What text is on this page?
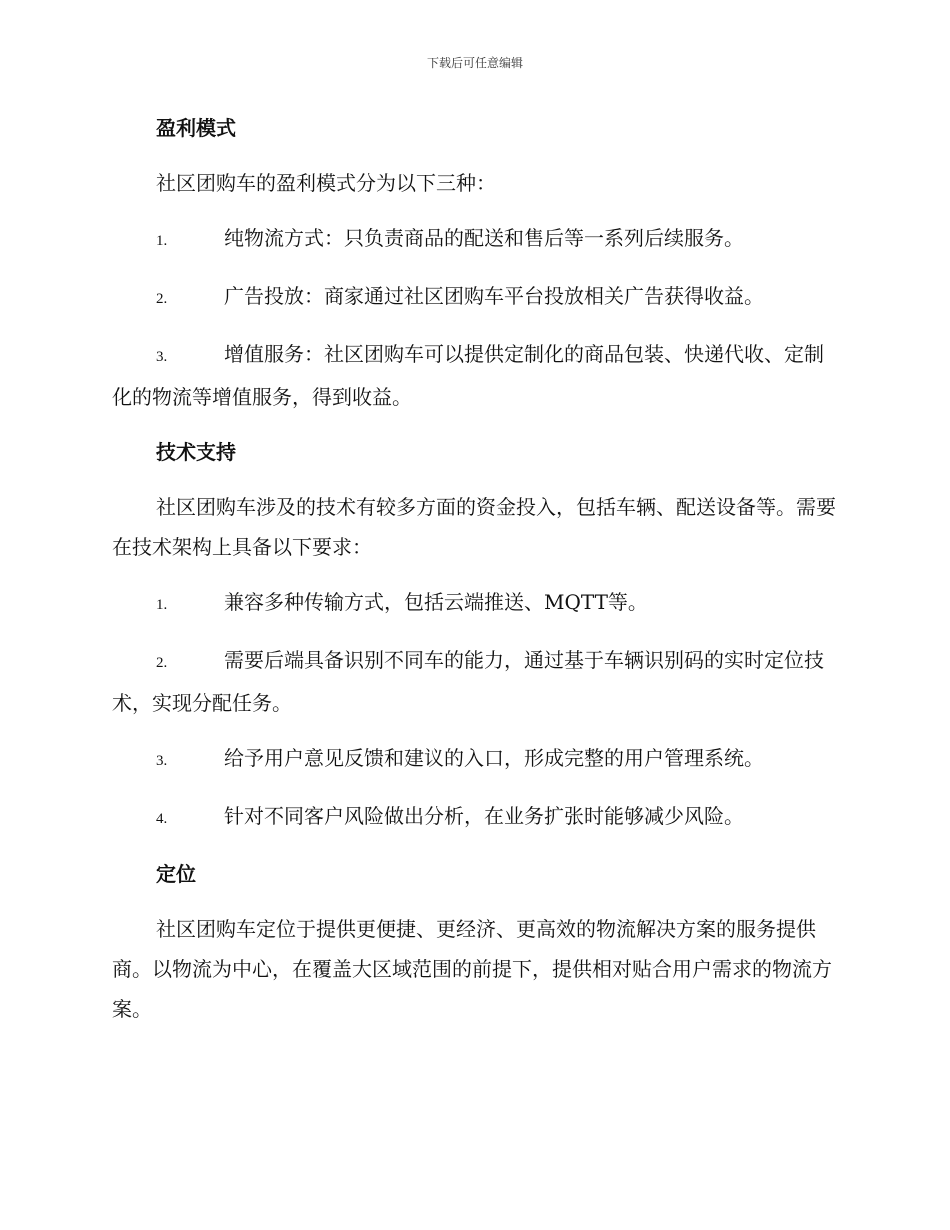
下载后可任意编辑
盈利模式
社区团购车的盈利模式分为以下三种：
1.	纯物流方式：只负责商品的配送和售后等一系列后续服务。
2.	广告投放：商家通过社区团购车平台投放相关广告获得收益。
3.	增值服务：社区团购车可以提供定制化的商品包装、快递代收、定制化的物流等增值服务，得到收益。
技术支持
社区团购车涉及的技术有较多方面的资金投入，包括车辆、配送设备等。需要在技术架构上具备以下要求：
1.	兼容多种传输方式，包括云端推送、MQTT等。
2.	需要后端具备识别不同车的能力，通过基于车辆识别码的实时定位技术，实现分配任务。
3.	给予用户意见反馈和建议的入口，形成完整的用户管理系统。
4.	针对不同客户风险做出分析，在业务扩张时能够减少风险。
定位
社区团购车定位于提供更便捷、更经济、更高效的物流解决方案的服务提供商。以物流为中心，在覆盖大区域范围的前提下，提供相对贴合用户需求的物流方案。
